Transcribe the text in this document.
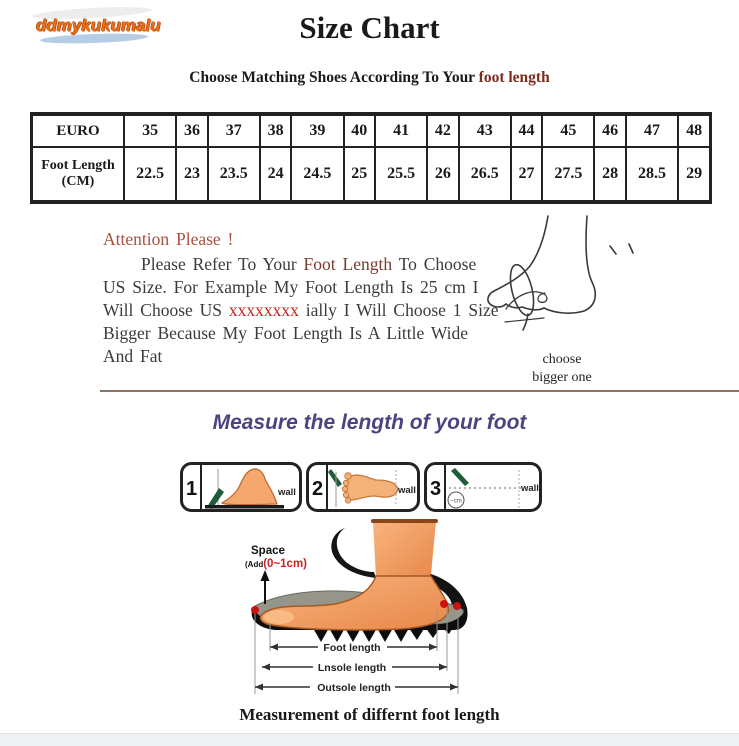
ddmykukumalu	Size Chart
Choose Matching Shoes According To Your foot length
EURO	35	36	37	38	39	40	41	42	43	44	45	46	47	48
Foot Length (CM)	22.5	23	23.5	24	24.5	25	25.5	26	26.5	27	27.5	28	28.5	29
Attention Please !
Please Refer To Your Foot Length To Choose
US Size. For Example My Foot Length Is 25 cm I
Will Choose US xxxxxxxx ially I Will Choose 1 Size
Bigger Because My Foot Length Is A Little Wide
And Fat	choose
bigger one
Measure the length of your foot
1	wall 2	wall 3
~cm
wall
Space
(Add(0~1cm)
Foot length
Lnsole length
Outsole length
Measurement of differnt foot length
